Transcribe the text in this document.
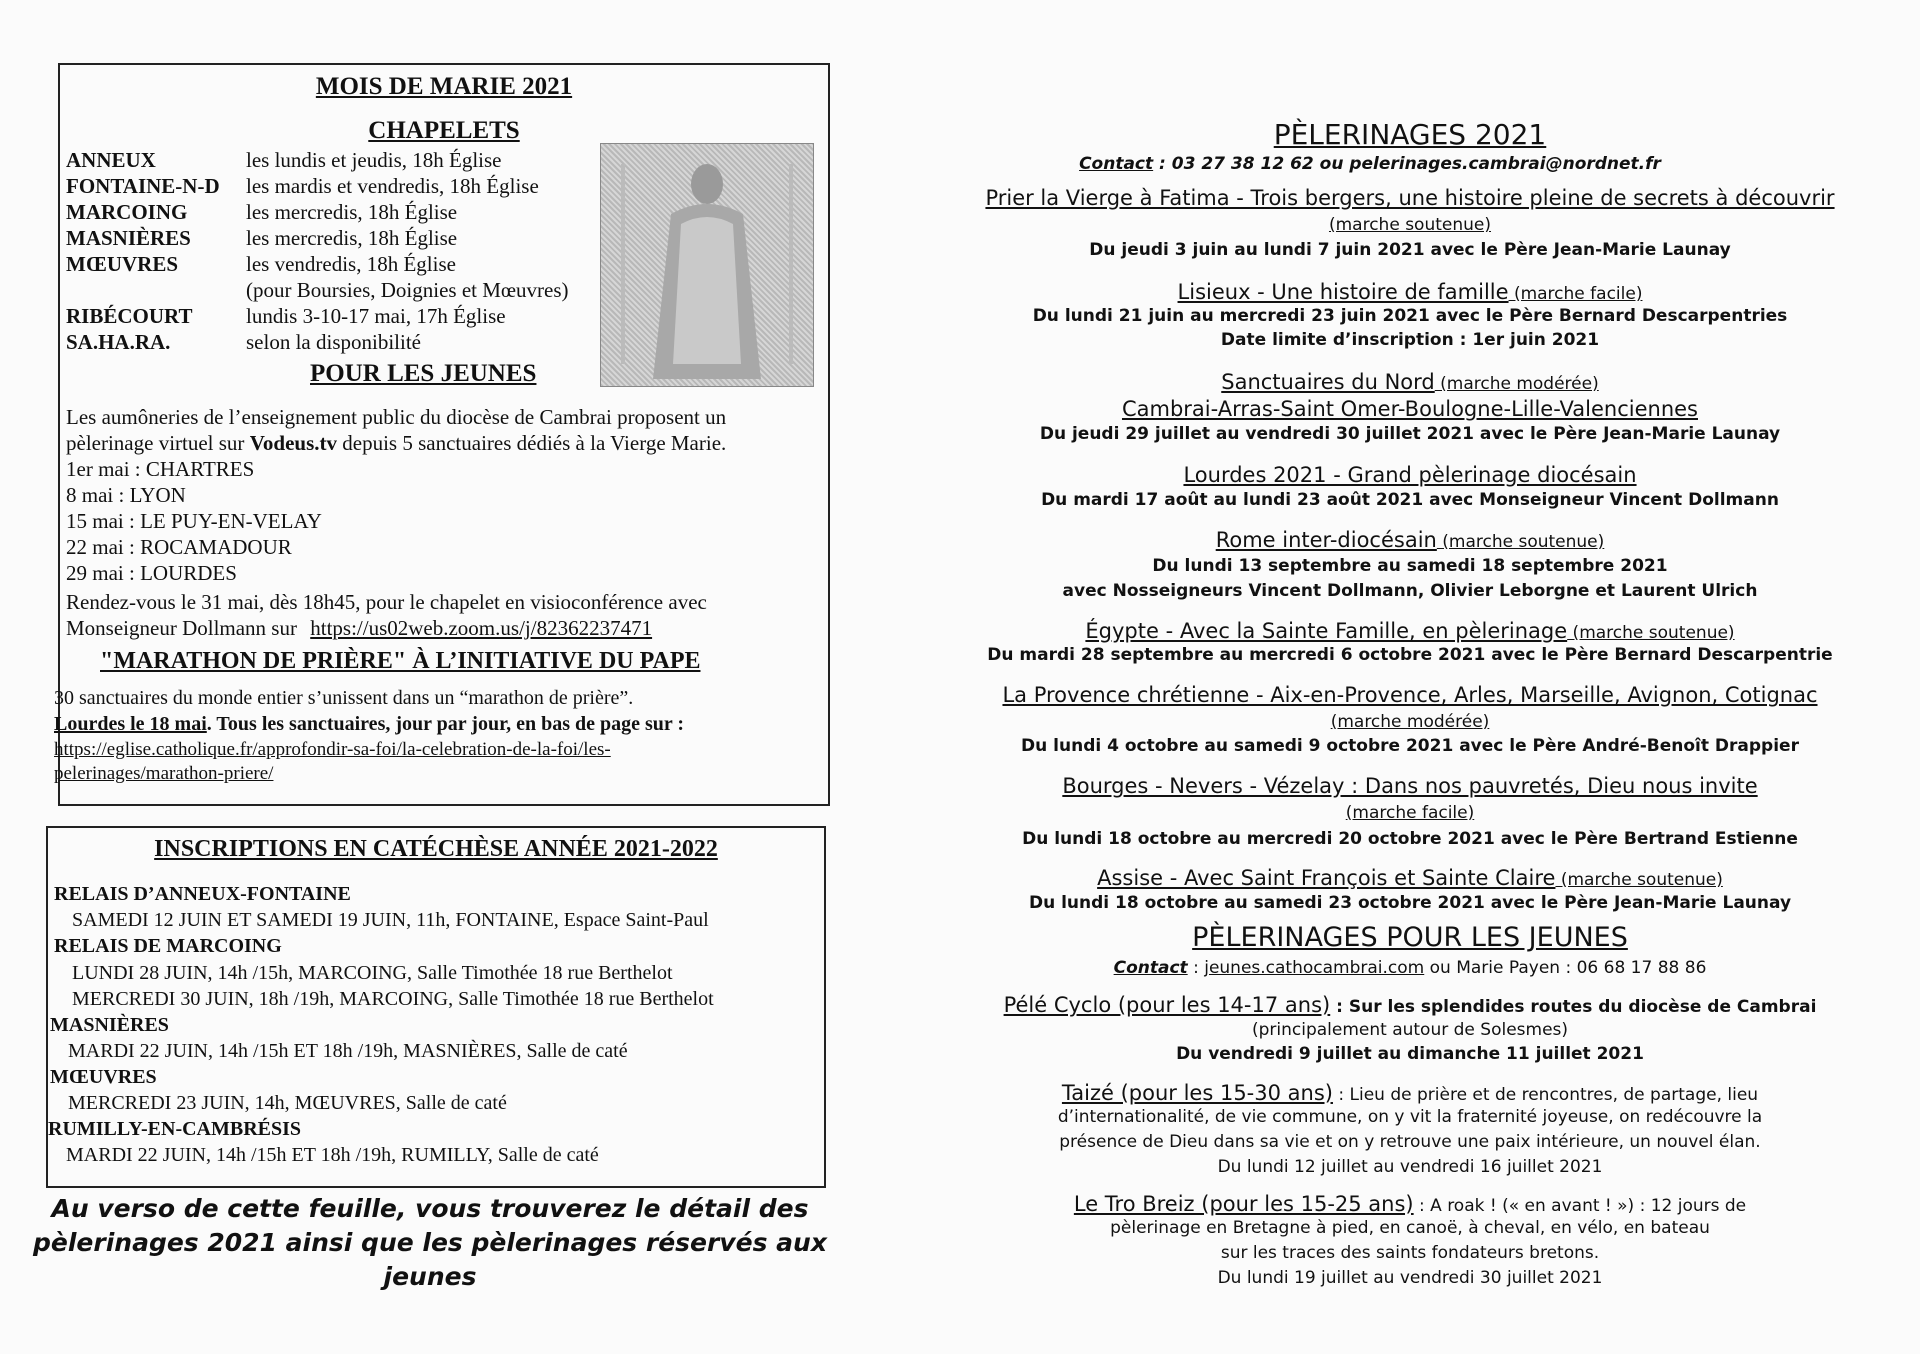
MOIS DE MARIE 2021
CHAPELETS
ANNEUX	les lundis et jeudis, 18h Église
FONTAINE-N-D les mardis et vendredis, 18h Église
MARCOING	les mercredis, 18h Église
MASNIÈRES	les mercredis, 18h Église
MŒUVRES	les vendredis, 18h Église
(pour Boursies, Doignies et Mœuvres)
RIBÉCOURT	lundis 3-10-17 mai, 17h Église
SA.HA.RA.	selon la disponibilité
POUR LES JEUNES
Les aumôneries de l’enseignement public du diocèse de Cambrai proposent un
pèlerinage virtuel sur Vodeus.tv depuis 5 sanctuaires dédiés à la Vierge Marie.
1er mai : CHARTRES
8 mai : LYON
15 mai : LE PUY-EN-VELAY
22 mai : ROCAMADOUR
29 mai : LOURDES
Rendez-vous le 31 mai, dès 18h45, pour le chapelet en visioconférence avec
Monseigneur Dollmann sur https://us02web.zoom.us/j/82362237471
"MARATHON DE PRIÈRE" À L’INITIATIVE DU PAPE
30 sanctuaires du monde entier s’unissent dans un “marathon de prière”.
Lourdes le 18 mai. Tous les sanctuaires, jour par jour, en bas de page sur :
https://eglise.catholique.fr/approfondir-sa-foi/la-celebration-de-la-foi/les-
pelerinages/marathon-priere/
INSCRIPTIONS EN CATÉCHÈSE ANNÉE 2021-2022
RELAIS D’ANNEUX-FONTAINE
SAMEDI 12 JUIN ET SAMEDI 19 JUIN, 11h, FONTAINE, Espace Saint-Paul
RELAIS DE MARCOING
LUNDI 28 JUIN, 14h /15h, MARCOING, Salle Timothée 18 rue Berthelot
MERCREDI 30 JUIN, 18h /19h, MARCOING, Salle Timothée 18 rue Berthelot
MASNIÈRES
MARDI 22 JUIN, 14h /15h ET 18h /19h, MASNIÈRES, Salle de caté
MŒUVRES
MERCREDI 23 JUIN, 14h, MŒUVRES, Salle de caté
RUMILLY-EN-CAMBRÉSIS
MARDI 22 JUIN, 14h /15h ET 18h /19h, RUMILLY, Salle de caté
Au verso de cette feuille, vous trouverez le détail des
pèlerinages 2021 ainsi que les pèlerinages réservés aux jeunes
PÈLERINAGES 2021
Contact : 03 27 38 12 62 ou pelerinages.cambrai@nordnet.fr
Prier la Vierge à Fatima - Trois bergers, une histoire pleine de secrets à découvrir
(marche soutenue)
Du jeudi 3 juin au lundi 7 juin 2021 avec le Père Jean-Marie Launay
Lisieux - Une histoire de famille (marche facile)
Du lundi 21 juin au mercredi 23 juin 2021 avec le Père Bernard Descarpentries
Date limite d’inscription : 1er juin 2021
Sanctuaires du Nord (marche modérée)
Cambrai-Arras-Saint Omer-Boulogne-Lille-Valenciennes
Du jeudi 29 juillet au vendredi 30 juillet 2021 avec le Père Jean-Marie Launay
Lourdes 2021 - Grand pèlerinage diocésain
Du mardi 17 août au lundi 23 août 2021 avec Monseigneur Vincent Dollmann
Rome inter-diocésain (marche soutenue)
Du lundi 13 septembre au samedi 18 septembre 2021
avec Nosseigneurs Vincent Dollmann, Olivier Leborgne et Laurent Ulrich
Égypte - Avec la Sainte Famille, en pèlerinage (marche soutenue)
Du mardi 28 septembre au mercredi 6 octobre 2021 avec le Père Bernard Descarpentrie
La Provence chrétienne - Aix-en-Provence, Arles, Marseille, Avignon, Cotignac
(marche modérée)
Du lundi 4 octobre au samedi 9 octobre 2021 avec le Père André-Benoît Drappier
Bourges - Nevers - Vézelay : Dans nos pauvretés, Dieu nous invite
(marche facile)
Du lundi 18 octobre au mercredi 20 octobre 2021 avec le Père Bertrand Estienne
Assise - Avec Saint François et Sainte Claire (marche soutenue)
Du lundi 18 octobre au samedi 23 octobre 2021 avec le Père Jean-Marie Launay
PÈLERINAGES POUR LES JEUNES
Contact : jeunes.cathocambrai.com ou Marie Payen : 06 68 17 88 86
Pélé Cyclo (pour les 14-17 ans) : Sur les splendides routes du diocèse de Cambrai
(principalement autour de Solesmes)
Du vendredi 9 juillet au dimanche 11 juillet 2021
Taizé (pour les 15-30 ans) : Lieu de prière et de rencontres, de partage, lieu
d’internationalité, de vie commune, on y vit la fraternité joyeuse, on redécouvre la
présence de Dieu dans sa vie et on y retrouve une paix intérieure, un nouvel élan.
Du lundi 12 juillet au vendredi 16 juillet 2021
Le Tro Breiz (pour les 15-25 ans) : A roak ! (« en avant ! ») : 12 jours de
pèlerinage en Bretagne à pied, en canoë, à cheval, en vélo, en bateau
sur les traces des saints fondateurs bretons.
Du lundi 19 juillet au vendredi 30 juillet 2021
